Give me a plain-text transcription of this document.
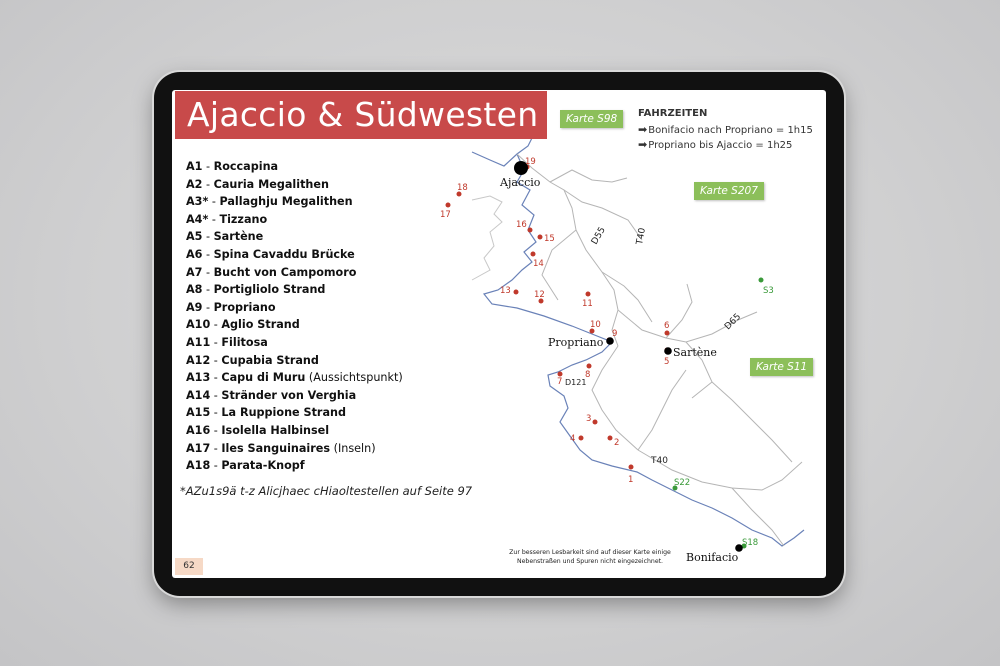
1
2
3
4
5
6
7
8
9
10
11
12
13
14
15
16
17
18
19
S3
S22
S18
Ajaccio
Propriano
Sartène
Bonifacio
D55	T40
D65
D121
T40
Ajaccio & Südwesten	Karte S98
Karte S207
Karte S11
FAHRZEITEN
➡Bonifacio nach Propriano = 1h15
➡Propriano bis Ajaccio = 1h25
A1 - Roccapina
A2 - Cauria Megalithen
A3* - Pallaghju Megalithen
A4* - Tizzano
A5 - Sartène
A6 - Spina Cavaddu Brücke
A7 - Bucht von Campomoro
A8 - Portigliolo Strand
A9 - Propriano
A10 - Aglio Strand
A11 - Filitosa
A12 - Cupabia Strand
A13 - Capu di Muru (Aussichtspunkt)
A14 - Stränder von Verghia
A15 - La Ruppione Strand
A16 - Isolella Halbinsel
A17 - Iles Sanguinaires (Inseln)
A18 - Parata-Knopf
*AZu1s9ä t-z Alicjhaec cHiaoltestellen auf Seite 97
Zur besseren Lesbarkeit sind auf dieser Karte einige
Nebenstraßen und Spuren nicht eingezeichnet.
62
